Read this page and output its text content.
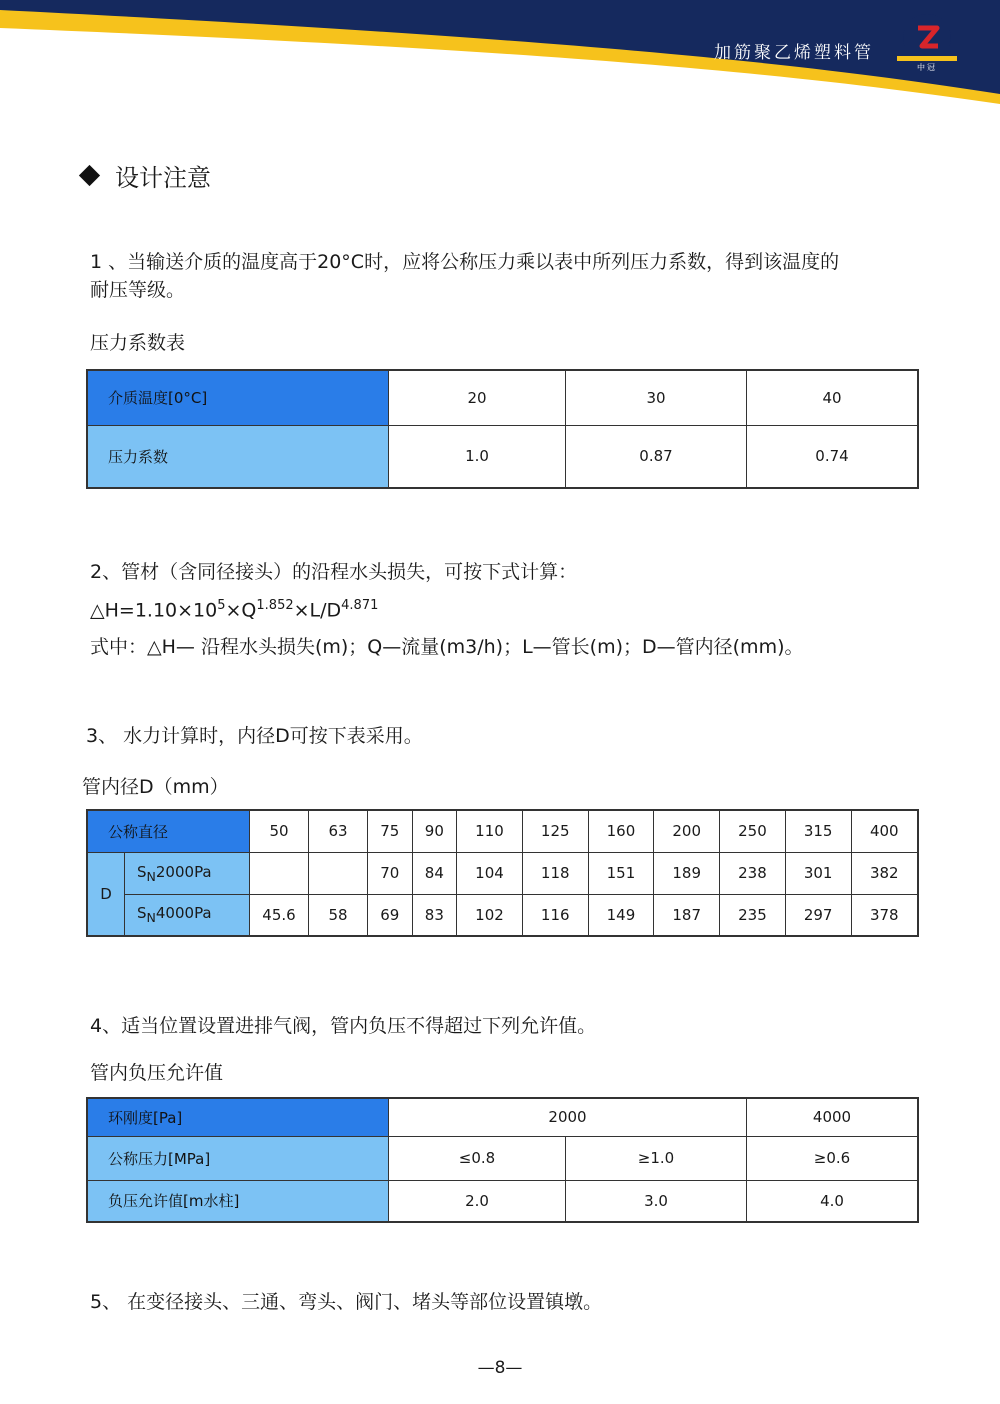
加筋聚乙烯塑料管
中冠
设计注意
1 、当输送介质的温度高于20°C时，应将公称压力乘以表中所列压力系数，得到该温度的
耐压等级。
压力系数表
介质温度[0°C]	20	30	40
压力系数	1.0	0.87	0.74
2、管材（含同径接头）的沿程水头损失，可按下式计算：
$\triangle H=1.10\times 10^5\times Q^{1.852}\times L/D^{4.871}$
式中：△H— 沿程水头损失(m)；Q—流量(m3/h)；L—管长(m)；D—管内径(mm)。
3、 水力计算时，内径D可按下表采用。
管内径D（mm）
公称直径		50	63	75	90	110	125	160	200	250	315	400
D	$S_N2000Pa$			70	84	104	118	151	189	238	301	382
	$S_N4000Pa$	45.6	58	69	83	102	116	149	187	235	297	378
4、适当位置设置进排气阀，管内负压不得超过下列允许值。
管内负压允许值
环刚度[Pa]	2000		4000
公称压力[MPa]	≤0.8	≥1.0	≥0.6
负压允许值[m水柱]	2.0	3.0	4.0
5、 在变径接头、三通、弯头、阀门、堵头等部位设置镇墩。
—8—
